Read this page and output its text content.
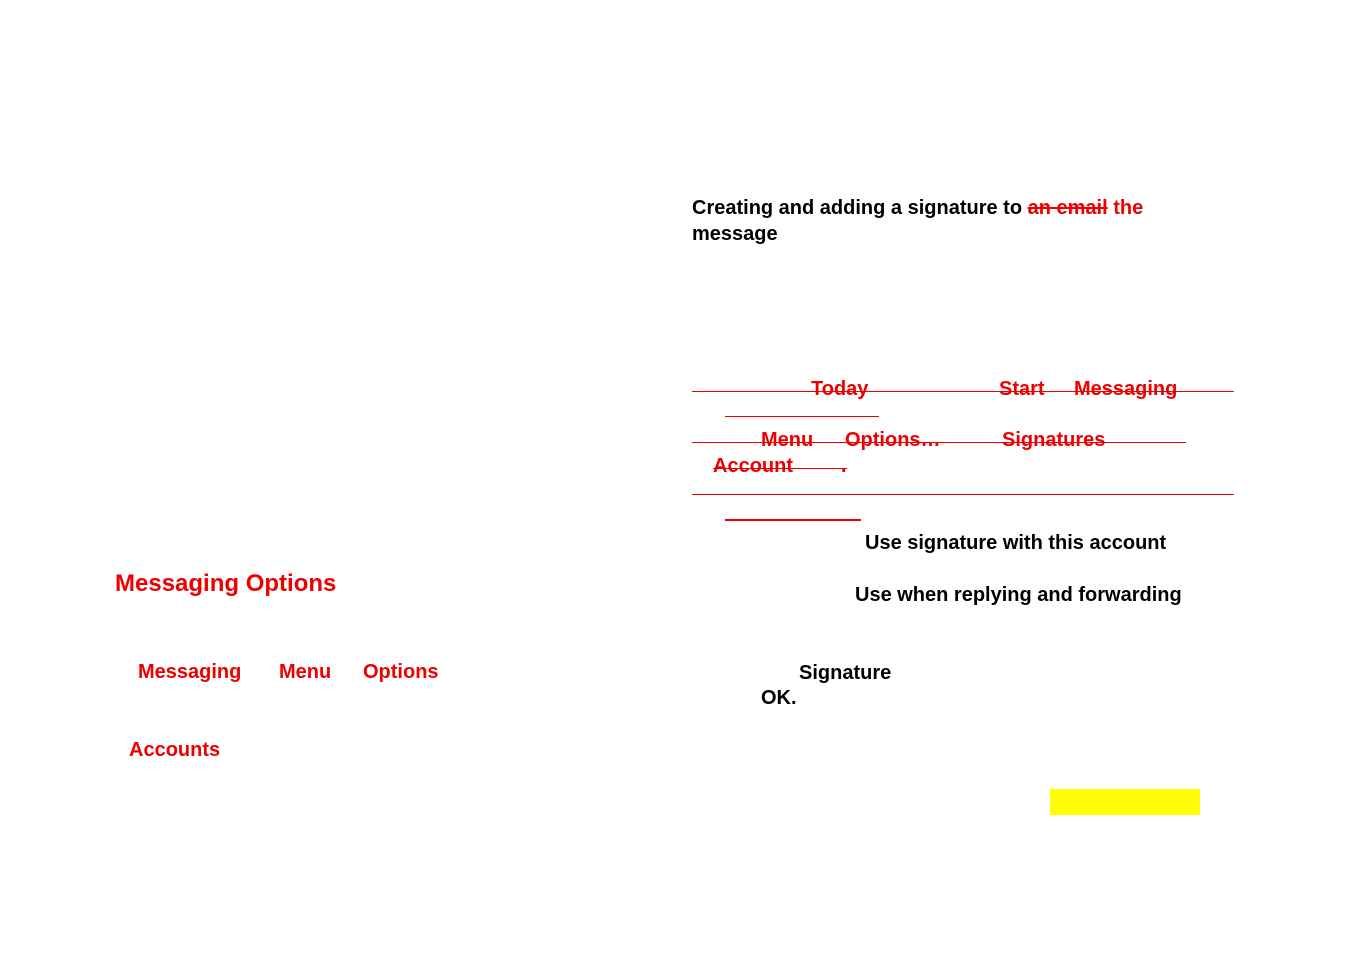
Messaging Options
Messaging Menu Options
Accounts
Creating and adding a signature to an email the
message
Today	Start Messaging
Menu Options…	Signatures
Account .
Use signature with this account
Use when replying and forwarding
Signature
OK.
